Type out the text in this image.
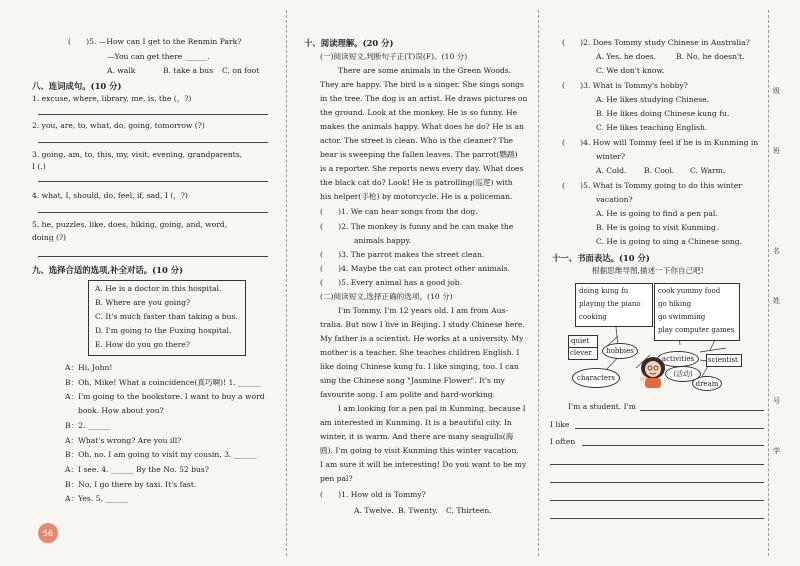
(　　)5. —How can I get to the Renmin Park?
—You can get there ______.
A. walk	B. take a bus C. on foot
八、连词成句。(10 分)
1. excuse, where, library, me, is, the (，?)
2. you, are, to, what, do, going, tomorrow (?)
3. going, am, to, this, my, visit, evening, grandparents,
I (.)
4. what, I, should, do, feel, if, sad, I (，?)
5. he, puzzles, like, does, hiking, going, and, word,
doing (?)
九、选择合适的选项,补全对话。(10 分)
A. He is a doctor in this hospital.
B. Where are you going?
C. It's much faster than taking a bus.
D. I'm going to the Fuxing hospital.
E. How do you go there?
A：Hi, John!
B：Oh, Mike! What a coincidence(真巧啊)! 1. ______
A：I'm going to the bookstore. I want to buy a word
book. How about you?
B：2. ______
A：What's wrong? Are you ill?
B：Oh, no. I am going to visit my cousin. 3. ______
A：I see. 4. ______ By the No. 52 bus?
B：No, I go there by taxi. It's fast.
A：Yes. 5. ______
十、阅读理解。(20 分)
(一)阅读短文,判断句子正(T)误(F)。(10 分)
There are some animals in the Green Woods.
They are happy. The bird is a singer. She sings songs
in the tree. The dog is an artist. He draws pictures on
the ground. Look at the monkey. He is so funny. He
makes the animals happy. What does he do? He is an
actor. The street is clean. Who is the cleaner? The
bear is sweeping the fallen leaves. The parrot(鹦鹉)
is a reporter. She reports news every day. What does
the black cat do? Look! He is patrolling(巡逻) with
his helper(手枪) by motorcycle. He is a policeman.
(　　)1. We can hear songs from the dog.
(　　)2. The monkey is funny and he can make the
animals happy.
(　　)3. The parrot makes the street clean.
(　　)4. Maybe the cat can protect other animals.
(　　)5. Every animal has a good job.
(二)阅读短文,选择正确的选项。(10 分)
I'm Tommy. I'm 12 years old. I am from Aus-
tralia. But now I live in Beijing. I study Chinese here.
My father is a scientist. He works at a university. My
mother is a teacher. She teaches children English. I
like doing Chinese kung fu. I like singing, too. I can
sing the Chinese song "Jasmine Flower". It's my
favourite song. I am polite and hard-working.
I am looking for a pen pal in Kunming, because I
am interested in Kunming. It is a beautiful city. In
winter, it is warm. And there are many seagulls(海
鸥). I'm going to visit Kunming this winter vacation.
I am sure it will be interesting! Do you want to be my
pen pal?
(　　)1. How old is Tommy?
A. Twelve. B. Twenty. C. Thirteen.
(　　)2. Does Tommy study Chinese in Australia?
A. Yes, he does.	B. No, he doesn't.
C. We don't know.
(　　)3. What is Tommy's hobby?
A. He likes studying Chinese.
B. He likes doing Chinese kung fu.
C. He likes teaching English.
(　　)4. How will Tommy feel if he is in Kunming in
winter?
A. Cold. B. Cool. C. Warm.
(　　)5. What is Tommy going to do this winter
vacation?
A. He is going to find a pen pal.
B. He is going to visit Kunming.
C. He is going to sing a Chinese song.
十一、书面表达。(10 分)
根据思维导图,描述一下你自己吧!
doing kung fu
playing the piano
cooking
cook yummy food
go hiking
go swimming
play computer games
quiet
clever	hobbies
activities	scientist
characters	(活动)
dream
I'm a student. I'm
I like
I often
级
班
名
姓
号
学
56
